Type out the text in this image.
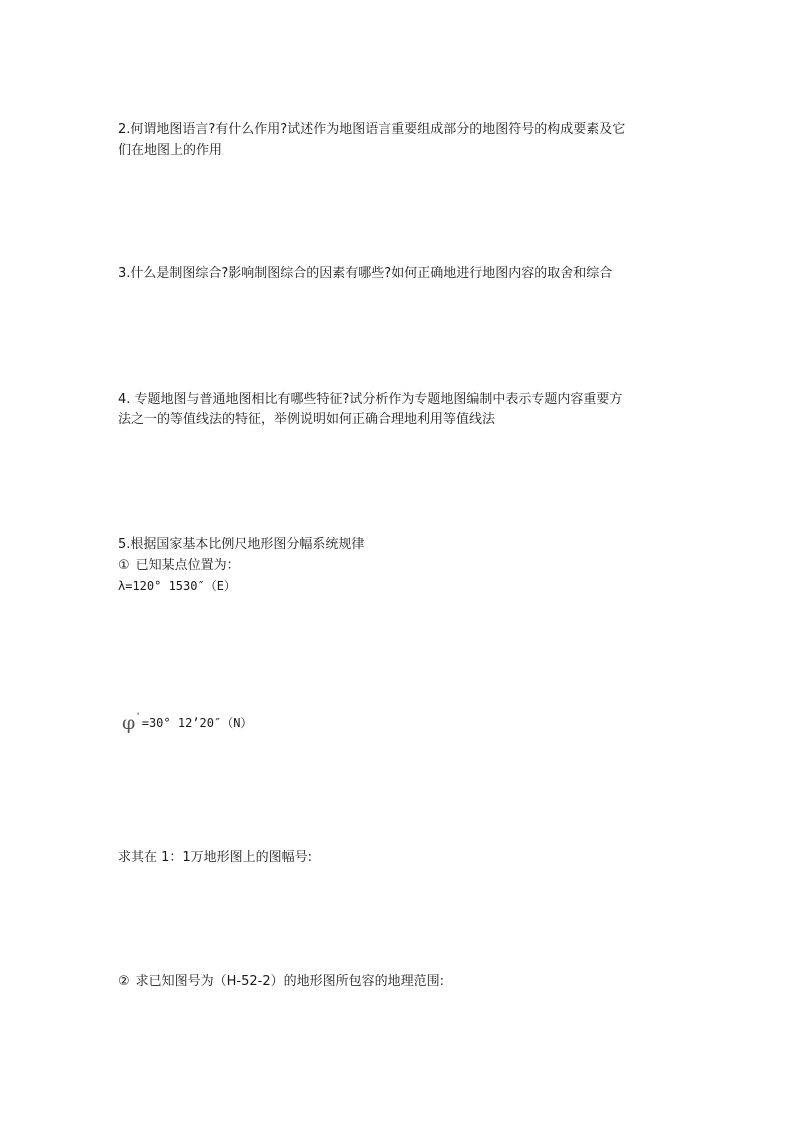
2.何谓地图语言?有什么作用?试述作为地图语言重要组成部分的地图符号的构成要素及它
们在地图上的作用
3.什么是制图综合?影响制图综合的因素有哪些?如何正确地进行地图内容的取舍和综合
4. 专题地图与普通地图相比有哪些特征?试分析作为专题地图编制中表示专题内容重要方
法之一的等值线法的特征，举例说明如何正确合理地利用等值线法
5.根据国家基本比例尺地形图分幅系统规律
① 已知某点位置为：
λ=120° 1530″（E）
φ'=30° 12’20″（N）
求其在 1：1万地形图上的图幅号:
② 求已知图号为（H-52-2）的地形图所包容的地理范围:
